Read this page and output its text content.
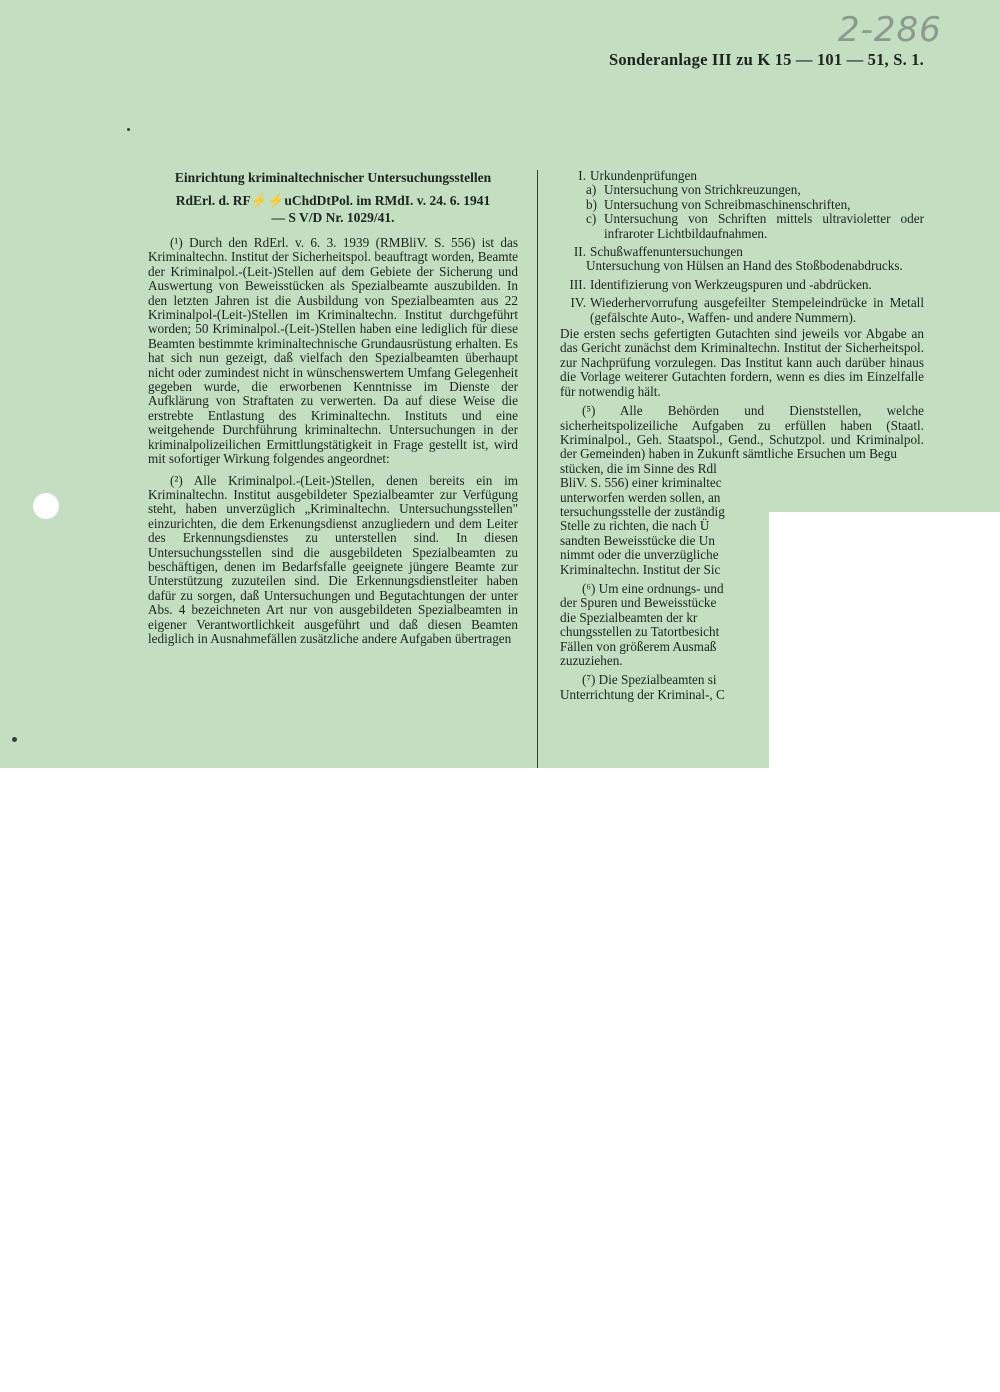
2-286
Sonderanlage III zu K 15 — 101 — 51, S. 1.

Einrichtung kriminaltechnischer Untersuchungsstellen

RdErl. d. RF⚡⚡uChdDtPol. im RMdI. v. 24. 6. 1941

— S V/D Nr. 1029/41.

(¹) Durch den RdErl. v. 6. 3. 1939 (RMBliV. S. 556) ist das Kriminaltechn. Institut der Sicherheitspol. beauftragt worden, Beamte der Kriminalpol.-(Leit-)Stellen auf dem Gebiete der Sicherung und Auswertung von Beweisstücken als Spezialbeamte auszubilden. In den letzten Jahren ist die Ausbildung von Spezialbeamten aus 22 Kriminalpol-(Leit-)Stellen im Kriminaltechn. Institut durchgeführt worden; 50 Kriminalpol.-(Leit-)Stellen haben eine lediglich für diese Beamten bestimmte kriminaltechnische Grundausrüstung erhalten. Es hat sich nun gezeigt, daß vielfach den Spezialbeamten überhaupt nicht oder zumindest nicht in wünschenswertem Umfang Gelegenheit gegeben wurde, die erworbenen Kenntnisse im Dienste der Aufklärung von Straftaten zu verwerten. Da auf diese Weise die erstrebte Entlastung des Kriminaltechn. Instituts und eine weitgehende Durchführung kriminaltechn. Untersuchungen in der kriminalpolizeilichen Ermittlungstätigkeit in Frage gestellt ist, wird mit sofortiger Wirkung folgendes angeordnet:

(²) Alle Kriminalpol.-(Leit-)Stellen, denen bereits ein im Kriminaltechn. Institut ausgebildeter Spezialbeamter zur Verfügung steht, haben unverzüglich „Kriminaltechn. Untersuchungsstellen" einzurichten, die dem Erkenungsdienst anzugliedern und dem Leiter des Erkennungsdienstes zu unterstellen sind. In diesen Untersuchungsstellen sind die ausgebildeten Spezialbeamten zu beschäftigen, denen im Bedarfsfalle geeignete jüngere Beamte zur Unterstützung zuzuteilen sind. Die Erkennungsdienstleiter haben dafür zu sorgen, daß Untersuchungen und Begutachtungen der unter Abs. 4 bezeichneten Art nur von ausgebildeten Spezialbeamten in eigener Verantwortlichkeit ausgeführt und daß diesen Beamten lediglich in Ausnahmefällen zusätzliche andere Aufgaben übertragen

I. Urkundenprüfungen
a) Untersuchung von Strichkreuzungen,
b) Untersuchung von Schreibmaschinenschriften,
c) Untersuchung von Schriften mittels ultravioletter oder infraroter Lichtbildaufnahmen.
II. Schußwaffenuntersuchungen
Untersuchung von Hülsen an Hand des Stoßbodenabdrucks.
III. Identifizierung von Werkzeugspuren und -abdrücken.
IV. Wiederhervorrufung ausgefeilter Stempeleindrücke in Metall (gefälschte Auto-, Waffen- und andere Nummern).

Die ersten sechs gefertigten Gutachten sind jeweils vor Abgabe an das Gericht zunächst dem Kriminaltechn. Institut der Sicherheitspol. zur Nachprüfung vorzulegen. Das Institut kann auch darüber hinaus die Vorlage weiterer Gutachten fordern, wenn es dies im Einzelfalle für notwendig hält.

(⁵) Alle Behörden und Dienststellen, welche sicherheitspolizeiliche Aufgaben zu erfüllen haben (Staatl. Kriminalpol., Geh. Staatspol., Gend., Schutzpol. und Kriminalpol. der Gemeinden) haben in Zukunft sämtliche Ersuchen um Begu

stücken, die im Sinne des Rdl
BliV. S. 556) einer kriminaltec
unterworfen werden sollen, an
tersuchungsstelle der zuständig
Stelle zu richten, die nach Ü
sandten Beweisstücke die Un
nimmt oder die unverzügliche
Kriminaltechn. Institut der Sic
(⁶) Um eine ordnungs- und
der Spuren und Beweisstücke
die Spezialbeamten der kr
chungsstellen zu Tatortbesicht
Fällen von größerem Ausmaß
zuzuziehen.
(⁷) Die Spezialbeamten si
Unterrichtung der Kriminal-, C
